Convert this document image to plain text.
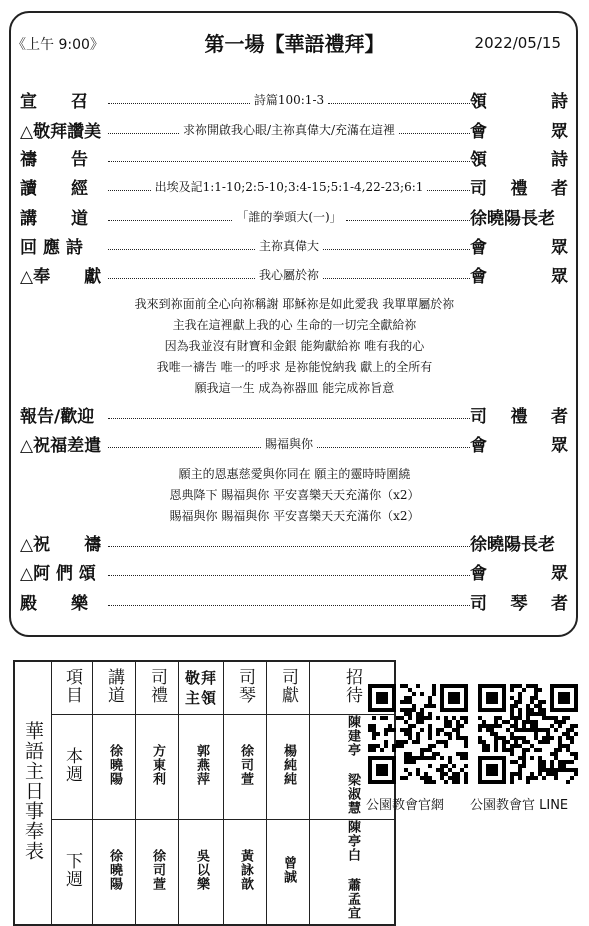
《上午 9:00》	第一場【華語禮拜】	2022/05/15
宣　　召	詩篇100:1-3	領	詩
△敬拜讚美	求祢開啟我心眼/主祢真偉大/充滿在這裡	會	眾
禱　　告	領	詩
讀　　經	出埃及記1:1-10;2:5-10;3:4-15;5:1-4,22-23;6:1	司 禮 者
講　　道	「誰的拳頭大(一)」	徐曉陽長老
回 應 詩	主祢真偉大	會	眾
△奉　　獻	我心屬於祢	會	眾
報告/歡迎	司 禮 者
△祝福差遣	賜福與你	會	眾
△祝　　禱	徐曉陽長老
△阿 們 頌	會	眾
殿　　樂	司 琴 者
我來到祢面前全心向祢稱謝 耶穌祢是如此愛我 我單單屬於祢
主我在這裡獻上我的心 生命的一切完全獻給祢
因為我並沒有財寶和金銀 能夠獻給祢 唯有我的心
我唯一禱告 唯一的呼求 是祢能悅納我 獻上的全所有
願我這一生 成為祢器皿 能完成祢旨意
願主的恩惠慈愛與你同在 願主的靈時時圍繞
恩典降下 賜福與你 平安喜樂天天充滿你（x2）
賜福與你 賜福與你 平安喜樂天天充滿你（x2）
華語主日事奉表	項目	講道	司禮	敬拜主領	司琴	司獻	招待
	本週	徐曉陽	方東利	郭燕萍	徐司萱	楊純純	陳建亭 梁淑慧
	下週	徐曉陽	徐司萱	吳以樂	黃詠歆	曾誠	陳亭白 蕭孟宜
公園教會官網 公園教會官 LINE
